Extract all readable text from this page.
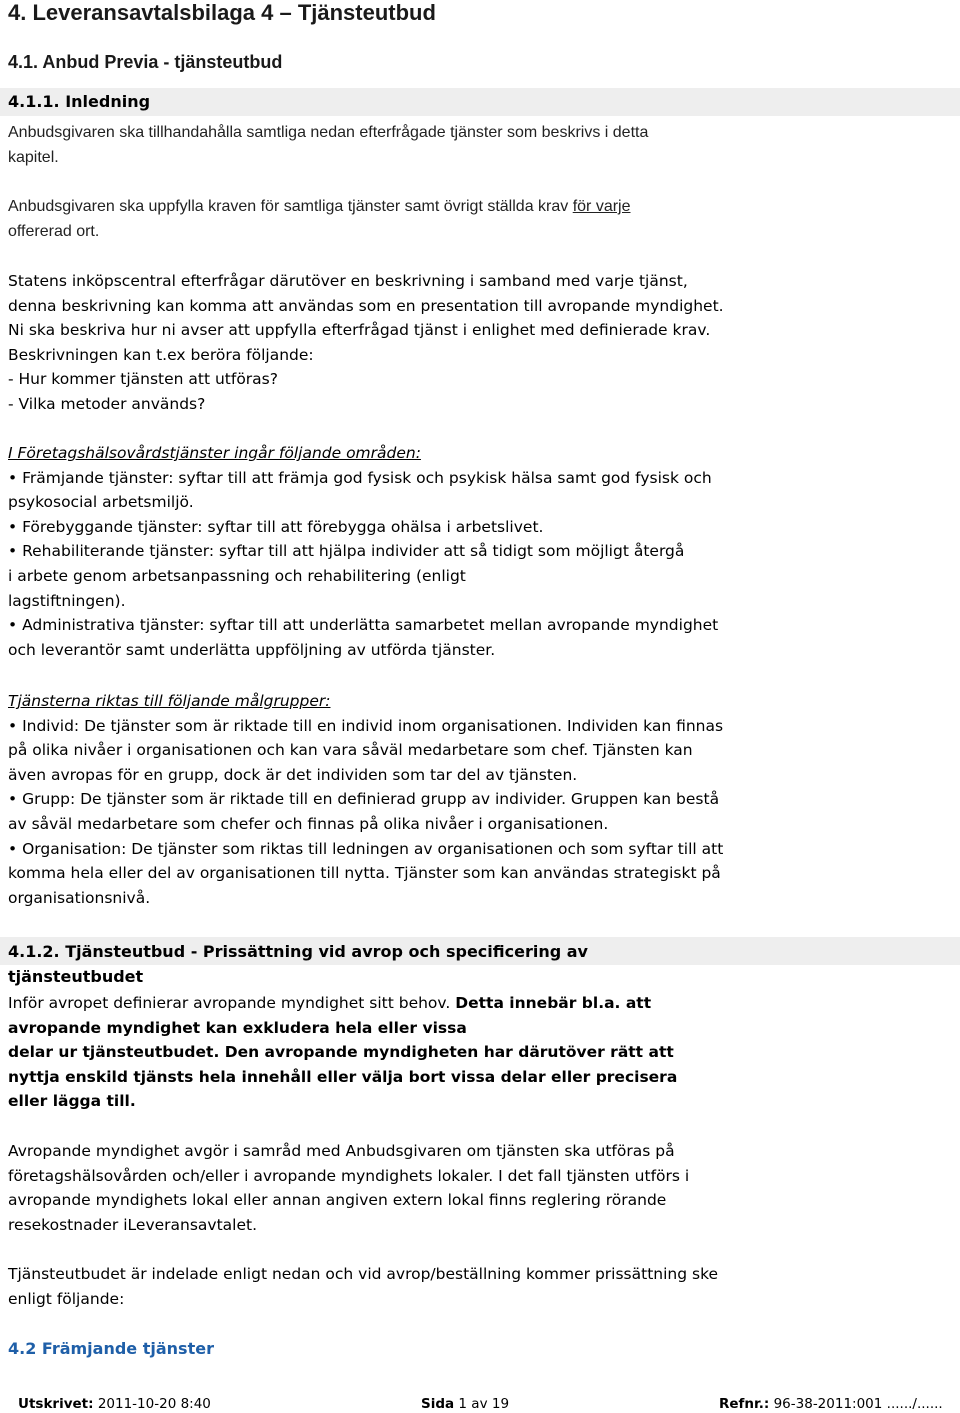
4. Leveransavtalsbilaga 4 – Tjänsteutbud
4.1. Anbud Previa - tjänsteutbud
4.1.1. Inledning

Anbudsgivaren ska tillhandahålla samtliga nedan efterfrågade tjänster som beskrivs i detta
kapitel.

Anbudsgivaren ska uppfylla kraven för samtliga tjänster samt övrigt ställda krav för varje

offererad ort.

Statens inköpscentral efterfrågar därutöver en beskrivning i samband med varje tjänst,
denna beskrivning kan komma att användas som en presentation till avropande myndighet.
Ni ska beskriva hur ni avser att uppfylla efterfrågad tjänst i enlighet med definierade krav.
Beskrivningen kan t.ex beröra följande:
- Hur kommer tjänsten att utföras?
- Vilka metoder används?

I Företagshälsovårdstjänster ingår följande områden:

• Främjande tjänster: syftar till att främja god fysisk och psykisk hälsa samt god fysisk och
psykosocial arbetsmiljö.

• Förebyggande tjänster: syftar till att förebygga ohälsa i arbetslivet.

• Rehabiliterande tjänster: syftar till att hjälpa individer att så tidigt som möjligt återgå
i arbete genom arbetsanpassning och rehabilitering (enligt
lagstiftningen).

• Administrativa tjänster: syftar till att underlätta samarbetet mellan avropande myndighet
och leverantör samt underlätta uppföljning av utförda tjänster.

Tjänsterna riktas till följande målgrupper:

• Individ: De tjänster som är riktade till en individ inom organisationen. Individen kan finnas
på olika nivåer i organisationen och kan vara såväl medarbetare som chef. Tjänsten kan
även avropas för en grupp, dock är det individen som tar del av tjänsten.

• Grupp: De tjänster som är riktade till en definierad grupp av individer. Gruppen kan bestå
av såväl medarbetare som chefer och finnas på olika nivåer i organisationen.

• Organisation: De tjänster som riktas till ledningen av organisationen och som syftar till att
komma hela eller del av organisationen till nytta. Tjänster som kan användas strategiskt på
organisationsnivå.

4.1.2. Tjänsteutbud - Prissättning vid avrop och specificering av
tjänsteutbudet

Inför avropet definierar avropande myndighet sitt behov. Detta innebär bl.a. att
avropande myndighet kan exkludera hela eller vissa
delar ur tjänsteutbudet. Den avropande myndigheten har därutöver rätt att
nyttja enskild tjänsts hela innehåll eller välja bort vissa delar eller precisera
eller lägga till.

Avropande myndighet avgör i samråd med Anbudsgivaren om tjänsten ska utföras på
företagshälsovården och/eller i avropande myndighets lokaler. I det fall tjänsten utförs i
avropande myndighets lokal eller annan angiven extern lokal finns reglering rörande
resekostnader iLeveransavtalet.

Tjänsteutbudet är indelade enligt nedan och vid avrop/beställning kommer prissättning ske
enligt följande:

4.2 Främjande tjänster
Utskrivet: 2011-10-20 8:40	Sida 1 av 19	Refnr.: 96-38-2011:001 ....../......
